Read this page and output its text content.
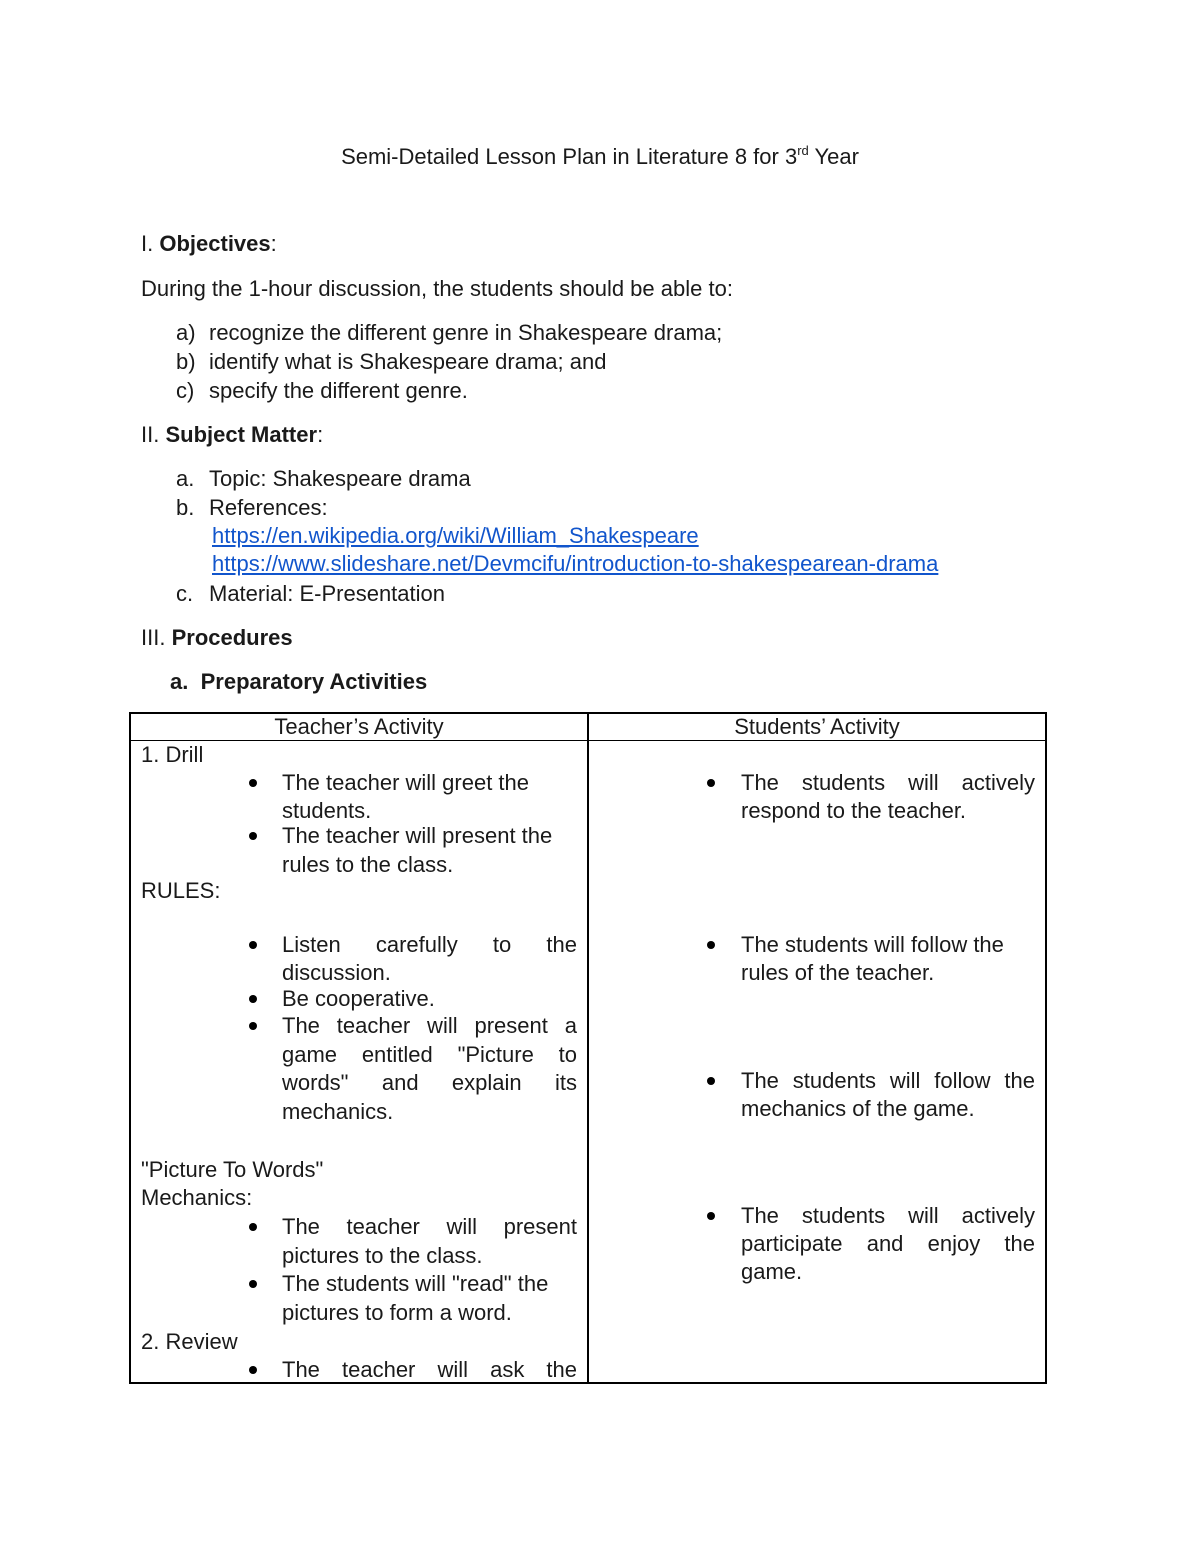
Semi-Detailed Lesson Plan in Literature 8 for 3rd Year
I. Objectives:
During the 1-hour discussion, the students should be able to:
a) recognize the different genre in Shakespeare drama;
b) identify what is Shakespeare drama; and
c) specify the different genre.
II. Subject Matter:
a. Topic: Shakespeare drama
b. References:
https://en.wikipedia.org/wiki/William_Shakespeare
https://www.slideshare.net/Devmcifu/introduction-to-shakespearean-drama
c. Material: E-Presentation
III. Procedures
a. Preparatory Activities
Teacher’s Activity	Students’ Activity
1. Drill
The teacher will greet the
students.
The teacher will present the
rules to the class.
RULES:
Listen carefully to the
discussion.
Be cooperative.
The teacher will present a
game entitled "Picture to
words" and explain its
mechanics.
"Picture To Words"
Mechanics:
The teacher will present
pictures to the class.
The students will "read" the
pictures to form a word.
2. Review
The teacher will ask the
The students will actively
respond to the teacher.
The students will follow the
rules of the teacher.
The students will follow the
mechanics of the game.
The students will actively
participate and enjoy the
game.
